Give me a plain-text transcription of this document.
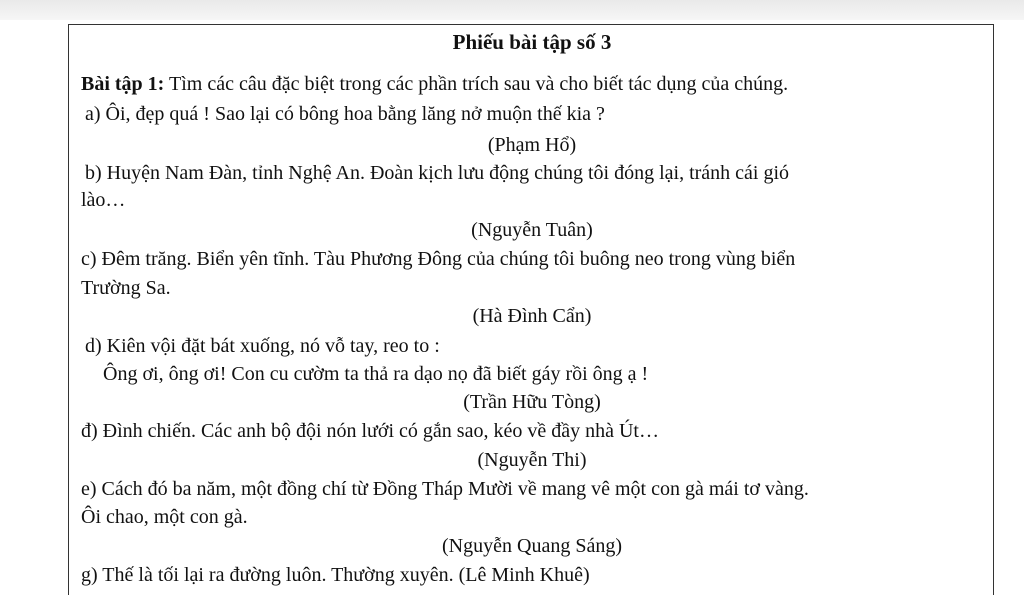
Phiếu bài tập số 3
Bài tập 1: Tìm các câu đặc biệt trong các phần trích sau và cho biết tác dụng của chúng.
a) Ôi, đẹp quá ! Sao lại có bông hoa bằng lăng nở muộn thế kia ?
(Phạm Hổ)
b) Huyện Nam Đàn, tỉnh Nghệ An. Đoàn kịch lưu động chúng tôi đóng lại, tránh cái gió
lào…
(Nguyễn Tuân)
c) Đêm trăng. Biển yên tĩnh. Tàu Phương Đông của chúng tôi buông neo trong vùng biển
Trường Sa.
(Hà Đình Cẩn)
d) Kiên vội đặt bát xuống, nó vỗ tay, reo to :
Ông ơi, ông ơi! Con cu cườm ta thả ra dạo nọ đã biết gáy rồi ông ạ !
(Trần Hữu Tòng)
đ) Đình chiến. Các anh bộ đội nón lưới có gắn sao, kéo về đầy nhà Út…
(Nguyễn Thi)
e) Cách đó ba năm, một đồng chí từ Đồng Tháp Mười về mang vê một con gà mái tơ vàng.
Ôi chao, một con gà.
(Nguyễn Quang Sáng)
g) Thế là tối lại ra đường luôn. Thường xuyên. (Lê Minh Khuê)
